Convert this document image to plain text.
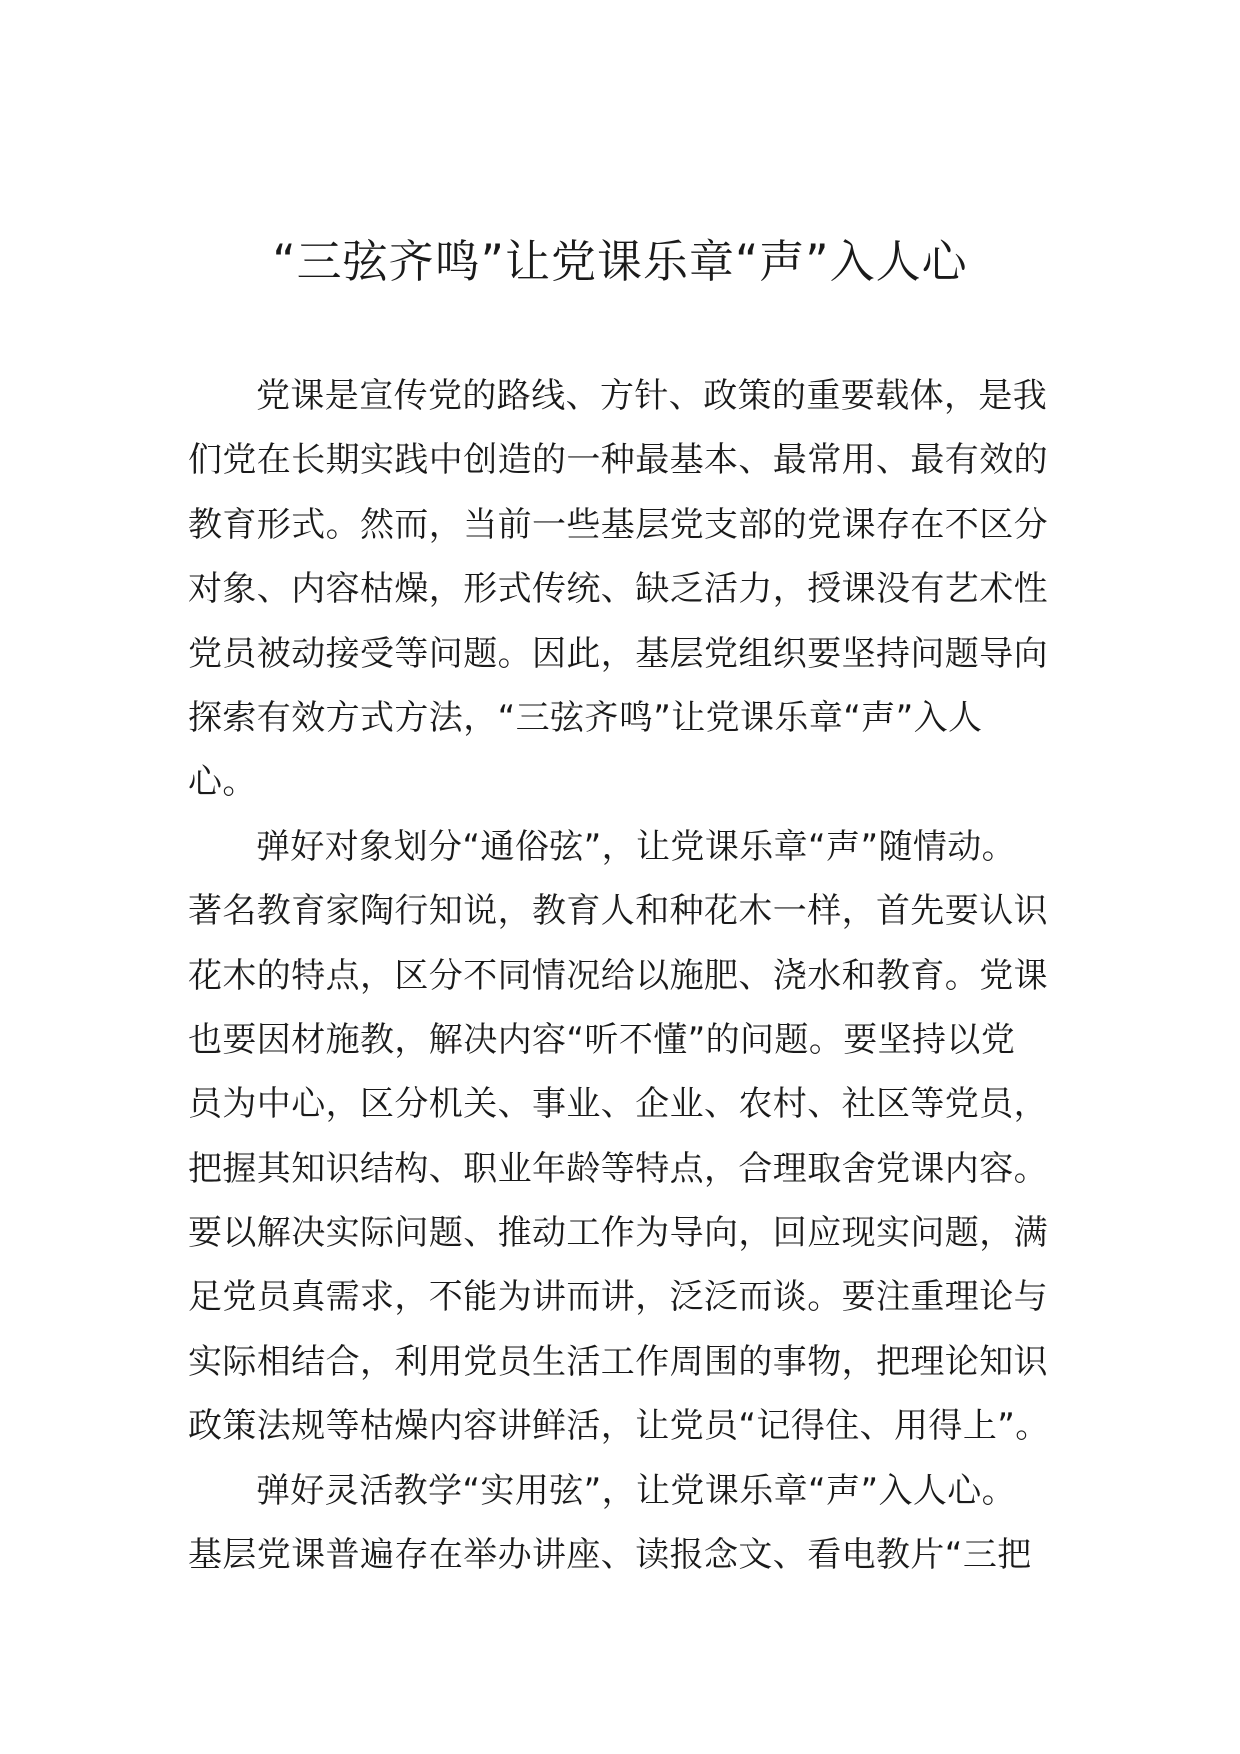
“三弦齐鸣”让党课乐章“声”入人心
党课是宣传党的路线、方针、政策的重要载体，是我
们党在长期实践中创造的一种最基本、最常用、最有效的
教育形式。然而，当前一些基层党支部的党课存在不区分
对象、内容枯燥，形式传统、缺乏活力，授课没有艺术性
党员被动接受等问题。因此，基层党组织要坚持问题导向
探索有效方式方法，“三弦齐鸣”让党课乐章“声”入人
心。
弹好对象划分“通俗弦”，让党课乐章“声”随情动。
著名教育家陶行知说，教育人和种花木一样，首先要认识
花木的特点，区分不同情况给以施肥、浇水和教育。党课
也要因材施教，解决内容“听不懂”的问题。要坚持以党
员为中心，区分机关、事业、企业、农村、社区等党员，
把握其知识结构、职业年龄等特点，合理取舍党课内容。
要以解决实际问题、推动工作为导向，回应现实问题，满
足党员真需求，不能为讲而讲，泛泛而谈。要注重理论与
实际相结合，利用党员生活工作周围的事物，把理论知识
政策法规等枯燥内容讲鲜活，让党员“记得住、用得上”。
弹好灵活教学“实用弦”，让党课乐章“声”入人心。
基层党课普遍存在举办讲座、读报念文、看电教片“三把
